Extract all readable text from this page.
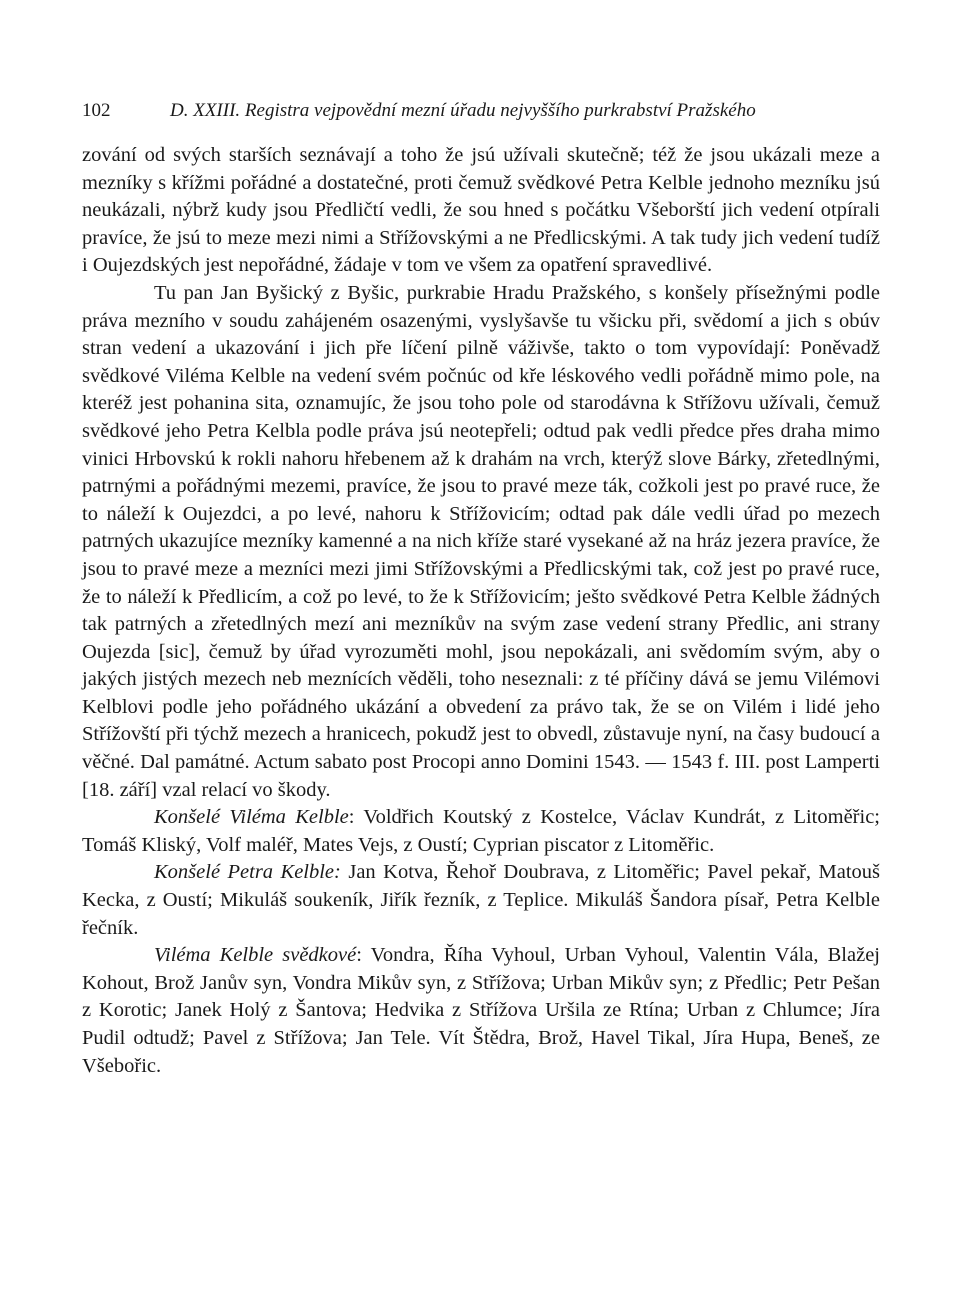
102	D. XXIII. Registra vejpovědní mezní úřadu nejvyššího purkrabství Pražského

zování od svých starších seznávají a toho že jsú užívali skutečně; též že jsou ukázali meze a mezníky s křížmi pořádné a dostatečné, proti čemuž svědkové Petra Kelble jednoho mezníku jsú neukázali, nýbrž kudy jsou Předličtí vedli, že sou hned s počátku Všeborští jich vedení otpírali pravíce, že jsú to meze mezi nimi a Střížovskými a ne Předlicskými. A tak tudy jich vedení tudíž i Oujezdských jest nepořádné, žádaje v tom ve všem za opatření spravedlivé.

Tu pan Jan Byšický z Byšic, purkrabie Hradu Pražského, s konšely přísežnými podle práva mezního v soudu zahájeném osazenými, vyslyšavše tu všicku při, svědomí a jich s obúv stran vedení a ukazování i jich pře líčení pilně váživše, takto o tom vypovídají: Poněvadž svědkové Viléma Kelble na vedení svém počnúc od kře léskového vedli pořádně mimo pole, na kteréž jest pohanina sita, oznamujíc, že jsou toho pole od starodávna k Střížovu užívali, čemuž svědkové jeho Petra Kelbla podle práva jsú neotepřeli; odtud pak vedli předce přes draha mimo vinici Hrbovskú k rokli nahoru hřebenem až k drahám na vrch, kterýž slove Bárky, zřetedlnými, patrnými a pořádnými mezemi, pravíce, že jsou to pravé meze ták, cožkoli jest po pravé ruce, že to náleží k Oujezdci, a po levé, nahoru k Střížovicím; odtad pak dále vedli úřad po mezech patrných ukazujíce mezníky kamenné a na nich kříže staré vysekané až na hráz jezera pravíce, že jsou to pravé meze a mezníci mezi jimi Střížovskými a Předlicskými tak, což jest po pravé ruce, že to náleží k Předlicím, a což po levé, to že k Střížovicím; ješto svědkové Petra Kelble žádných tak patrných a zřetedlných mezí ani mezníkův na svým zase vedení strany Předlic, ani strany Oujezda [sic], čemuž by úřad vyrozuměti mohl, jsou nepokázali, ani svědomím svým, aby o jakých jistých mezech neb meznících věděli, toho neseznali: z té příčiny dává se jemu Vilémovi Kelblovi podle jeho pořádného ukázání a obvedení za právo tak, že se on Vilém i lidé jeho Střížovští při týchž mezech a hranicech, pokudž jest to obvedl, zůstavuje nyní, na časy budoucí a věčné. Dal památné. Actum sabato post Procopi anno Domini 1543. — 1543 f. III. post Lamperti [18. září] vzal relací vo škody.

Konšelé Viléma Kelble: Voldřich Koutský z Kostelce, Václav Kundrát, z Litoměřic; Tomáš Kliský, Volf maléř, Mates Vejs, z Oustí; Cyprian piscator z Litoměřic.

Konšelé Petra Kelble: Jan Kotva, Řehoř Doubrava, z Litoměřic; Pavel pekař, Matouš Kecka, z Oustí; Mikuláš soukeník, Jiřík řezník, z Teplice. Mikuláš Šandora písař, Petra Kelble řečník.

Viléma Kelble svědkové: Vondra, Říha Vyhoul, Urban Vyhoul, Valentin Vála, Blažej Kohout, Brož Janův syn, Vondra Mikův syn, z Střížova; Urban Mikův syn; z Předlic; Petr Pešan z Korotic; Janek Holý z Šantova; Hedvika z Střížova Uršila ze Rtína; Urban z Chlumce; Jíra Pudil odtudž; Pavel z Střížova; Jan Tele. Vít Štědra, Brož, Havel Tikal, Jíra Hupa, Beneš, ze Všebořic.
